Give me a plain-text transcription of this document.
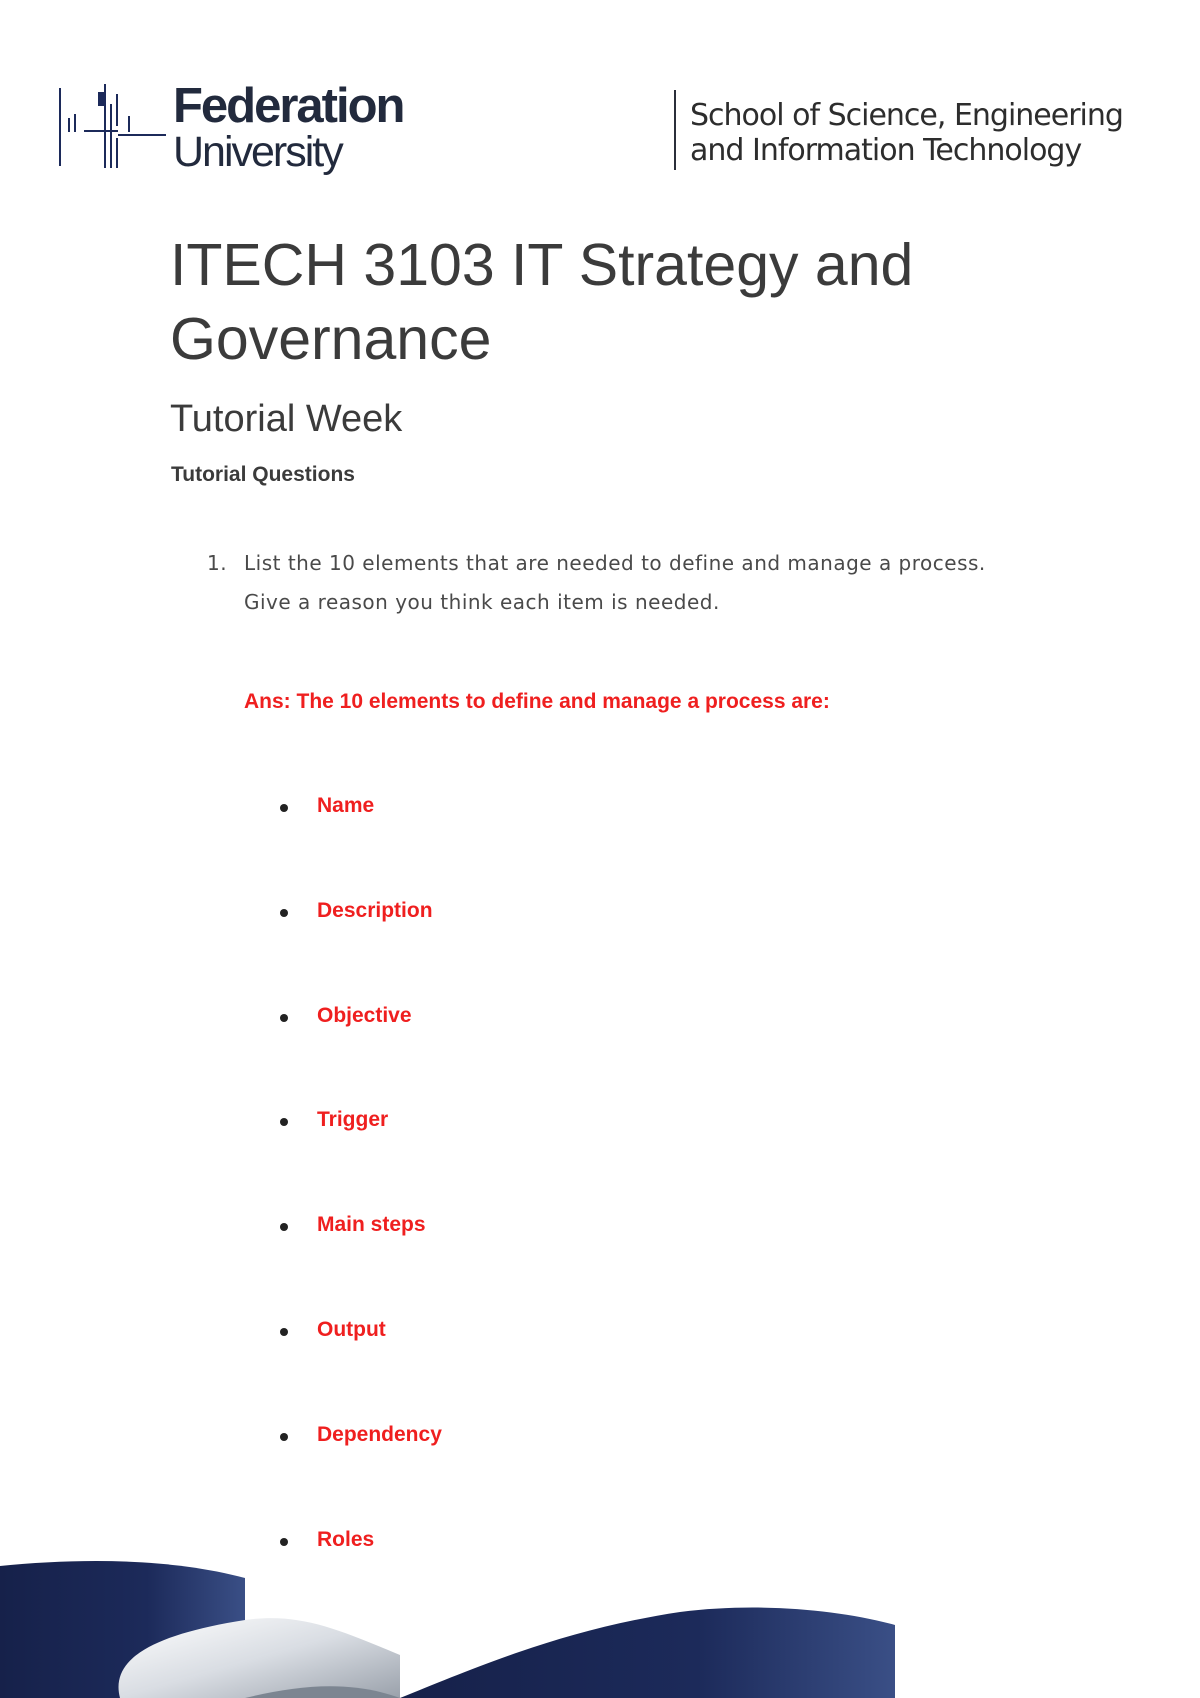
Federation
University
School of Science, Engineering
and Information Technology
ITECH 3103 IT Strategy and Governance
Tutorial Week
Tutorial Questions
1. List the 10 elements that are needed to define and manage a process.
Give a reason you think each item is needed.
Ans: The 10 elements to define and manage a process are:
Name
Description
Objective
Trigger
Main steps
Output
Dependency
Roles
